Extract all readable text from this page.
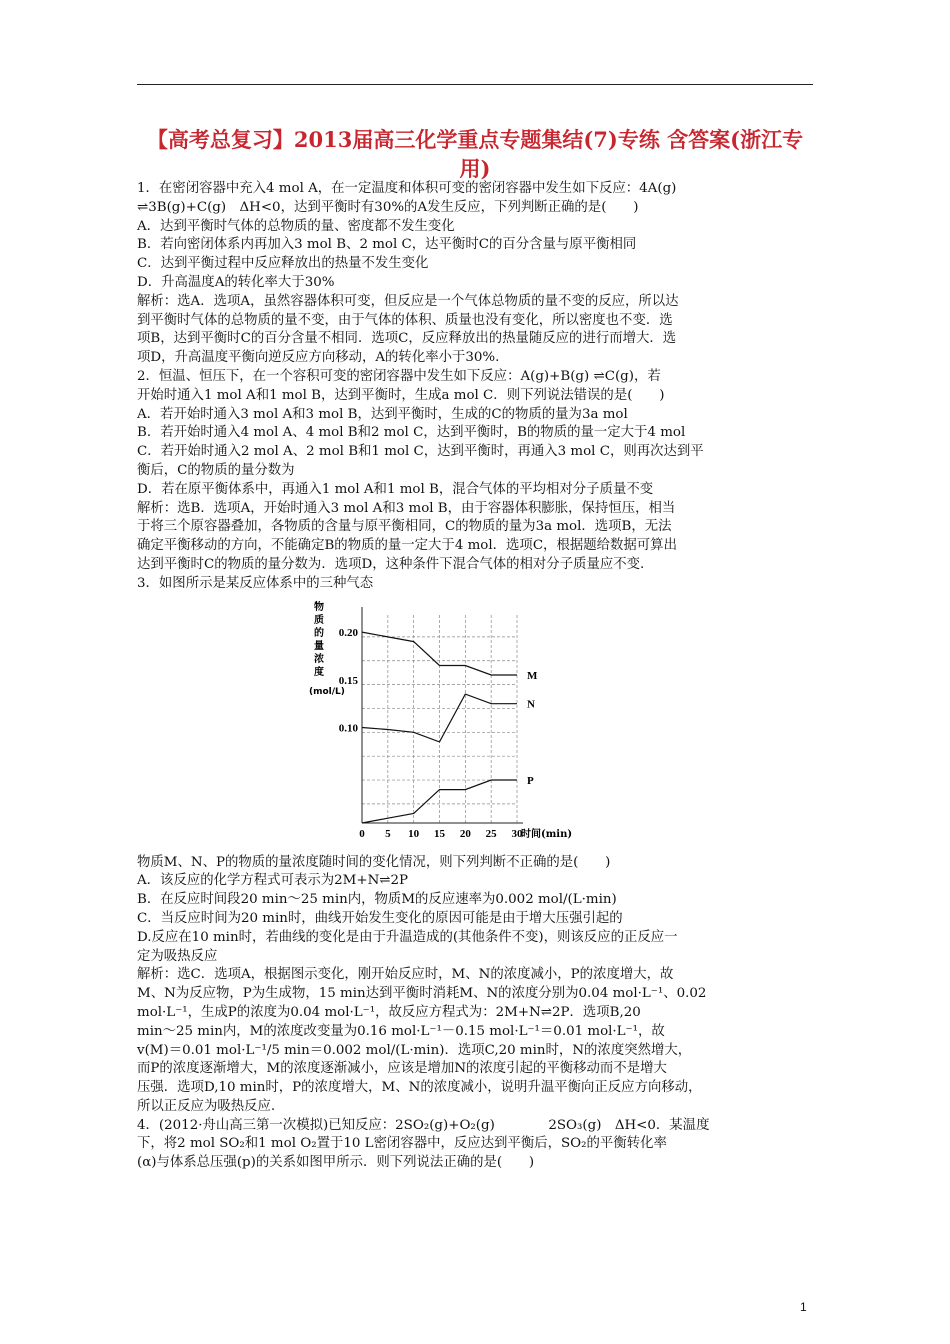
【高考总复习】2013届高三化学重点专题集结(7)专练 含答案(浙江专用)

1．在密闭容器中充入4 mol A，在一定温度和体积可变的密闭容器中发生如下反应：4A(g)

⇌3B(g)+C(g)　ΔH<0，达到平衡时有30%的A发生反应，下列判断正确的是(　　)

A．达到平衡时气体的总物质的量、密度都不发生变化

B．若向密闭体系内再加入3 mol B、2 mol C，达平衡时C的百分含量与原平衡相同

C．达到平衡过程中反应释放出的热量不发生变化

D．升高温度A的转化率大于30%

解析：选A．选项A，虽然容器体积可变，但反应是一个气体总物质的量不变的反应，所以达

到平衡时气体的总物质的量不变，由于气体的体积、质量也没有变化，所以密度也不变．选

项B，达到平衡时C的百分含量不相同．选项C，反应释放出的热量随反应的进行而增大．选

项D，升高温度平衡向逆反应方向移动，A的转化率小于30%.

2．恒温、恒压下，在一个容积可变的密闭容器中发生如下反应：A(g)+B(g) ⇌C(g)，若

开始时通入1 mol A和1 mol B，达到平衡时，生成a mol C．则下列说法错误的是(　　)

A．若开始时通入3 mol A和3 mol B，达到平衡时，生成的C的物质的量为3a mol

B．若开始时通入4 mol A、4 mol B和2 mol C，达到平衡时，B的物质的量一定大于4 mol

C．若开始时通入2 mol A、2 mol B和1 mol C，达到平衡时，再通入3 mol C，则再次达到平

衡后，C的物质的量分数为

D．若在原平衡体系中，再通入1 mol A和1 mol B，混合气体的平均相对分子质量不变

解析：选B．选项A，开始时通入3 mol A和3 mol B，由于容器体积膨胀，保持恒压，相当

于将三个原容器叠加，各物质的含量与原平衡相同，C的物质的量为3a mol．选项B，无法

确定平衡移动的方向，不能确定B的物质的量一定大于4 mol．选项C，根据题给数据可算出

达到平衡时C的物质的量分数为．选项D，这种条件下混合气体的相对分子质量应不变.

3．如图所示是某反应体系中的三种气态

0 5 10 15 20 25 30
时间(min)
0.10
0.15
0.20
物
质
的
量
浓
度
(mol/L)
M
N
P

物质M、N、P的物质的量浓度随时间的变化情况，则下列判断不正确的是(　　)

A．该反应的化学方程式可表示为2M+N⇌2P

B．在反应时间段20 min～25 min内，物质M的反应速率为0.002 mol/(L·min)

C．当反应时间为20 min时，曲线开始发生变化的原因可能是由于增大压强引起的

D.反应在10 min时，若曲线的变化是由于升温造成的(其他条件不变)，则该反应的正反应一

定为吸热反应

解析：选C．选项A，根据图示变化，刚开始反应时，M、N的浓度减小，P的浓度增大，故

M、N为反应物，P为生成物，15 min达到平衡时消耗M、N的浓度分别为0.04 mol·L⁻¹、0.02

mol·L⁻¹，生成P的浓度为0.04 mol·L⁻¹，故反应方程式为：2M+N⇌2P．选项B,20

min～25 min内，M的浓度改变量为0.16 mol·L⁻¹－0.15 mol·L⁻¹＝0.01 mol·L⁻¹，故

v(M)＝0.01 mol·L⁻¹/5 min＝0.002 mol/(L·min)．选项C,20 min时，N的浓度突然增大，

而P的浓度逐渐增大，M的浓度逐渐减小，应该是增加N的浓度引起的平衡移动而不是增大

压强．选项D,10 min时，P的浓度增大，M、N的浓度减小，说明升温平衡向正反应方向移动，

所以正反应为吸热反应.

4．(2012·舟山高三第一次模拟)已知反应：2SO₂(g)+O₂(g)　　　　2SO₃(g)　ΔH<0．某温度

下，将2 mol SO₂和1 mol O₂置于10 L密闭容器中，反应达到平衡后，SO₂的平衡转化率

(α)与体系总压强(p)的关系如图甲所示．则下列说法正确的是(　　)

1
